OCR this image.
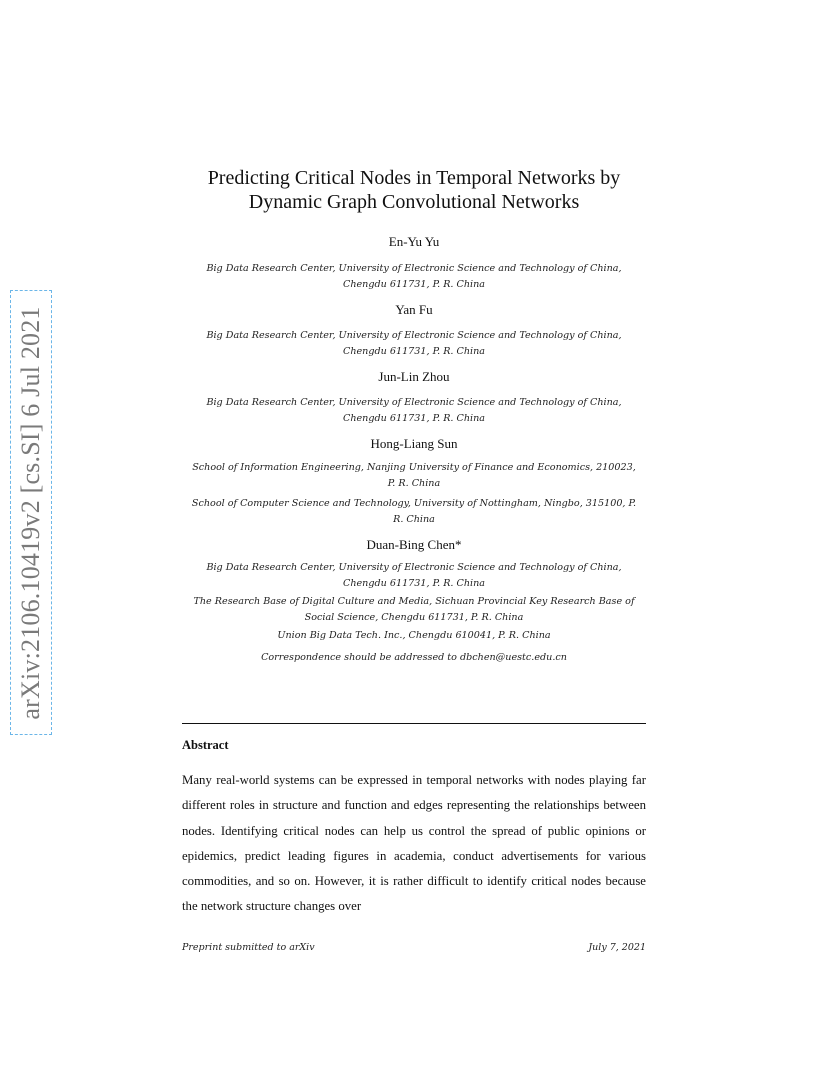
arXiv:2106.10419v2 [cs.SI] 6 Jul 2021
Predicting Critical Nodes in Temporal Networks by
Dynamic Graph Convolutional Networks
En-Yu Yu
Big Data Research Center, University of Electronic Science and Technology of China,
Chengdu 611731, P. R. China
Yan Fu
Big Data Research Center, University of Electronic Science and Technology of China,
Chengdu 611731, P. R. China
Jun-Lin Zhou
Big Data Research Center, University of Electronic Science and Technology of China,
Chengdu 611731, P. R. China
Hong-Liang Sun
School of Information Engineering, Nanjing University of Finance and Economics, 210023,
P. R. China
School of Computer Science and Technology, University of Nottingham, Ningbo, 315100, P.
R. China
Duan-Bing Chen*
Big Data Research Center, University of Electronic Science and Technology of China,
Chengdu 611731, P. R. China
The Research Base of Digital Culture and Media, Sichuan Provincial Key Research Base of
Social Science, Chengdu 611731, P. R. China
Union Big Data Tech. Inc., Chengdu 610041, P. R. China
Correspondence should be addressed to dbchen@uestc.edu.cn
Abstract

Many real-world systems can be expressed in temporal networks with nodes playing far different roles in structure and function and edges representing the relationships between nodes. Identifying critical nodes can help us control the spread of public opinions or epidemics, predict leading figures in academia, conduct advertisements for various commodities, and so on. However, it is rather difficult to identify critical nodes because the network structure changes over

Preprint submitted to arXiv	July 7, 2021
